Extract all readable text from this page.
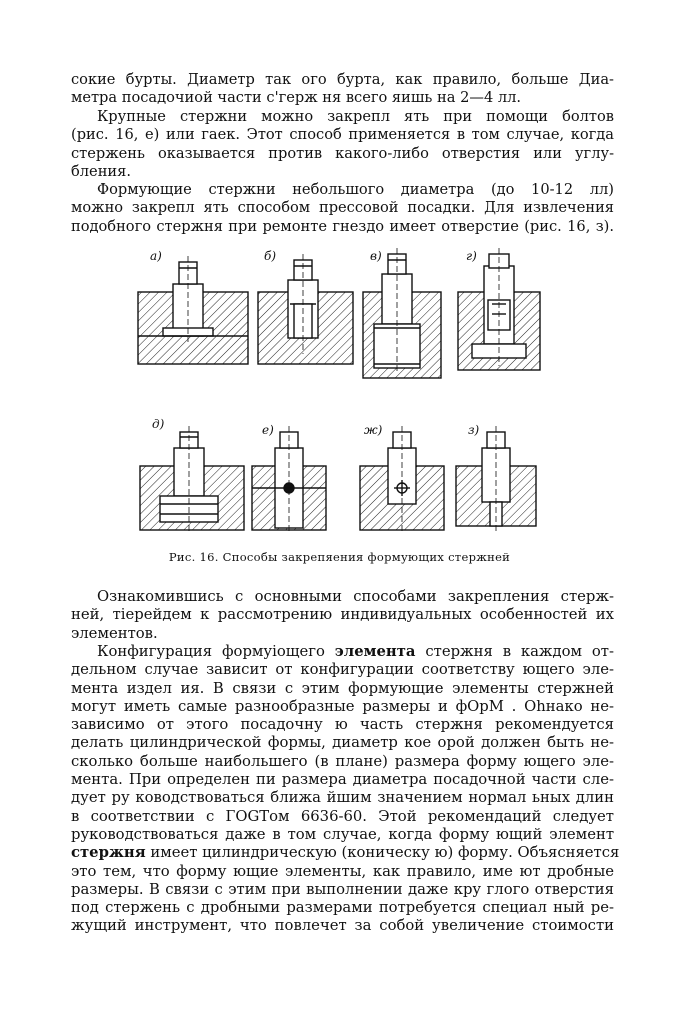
сокие бурты. Диаметр так ого бурта, как правило, больше Диа-
метра посадочиой части с'герж ня всего яишь на 2—4 лл.
Крупные стержни можно закрепл ять при помощи болтов
(рис. 16, е) или гаек. Этот способ применяется в том случае, когда
стержень оказывается против какого-либо отверстия или углу-
бления.
Формующие стержни небольшого диаметра (до 10-12 лл)
можно закрепл ять способом прессовой посадки. Для извлечения
подобного стержня при ремонте гнездо имеет отверстие (рис. 16, з).
а)	б)	в)	г)
д)	е)	ж)	з)
Рис. 16. Способы закрепяения формующих стержней
Ознакомившись с основными способами закрепления стерж-
ней, тiерейдем к рассмотрению индивидуальных особенностей их
элементов.
Конфигурация формуiощего элемента стержня в каждом от-
дельном случае зависит от конфигурации соответству ющего эле-
мента издел ия. В связи с этим формующие элементы стержней
могут иметь самые разнообразные размеры и фOpM . Ohнако не-
зависимо от этого посадочну ю часть стержня рекомендуется
делать цилиндрической формы, диаметр кое орой должен быть не-
сколько больше наибольшего (в плане) размера форму ющего эле-
мента. При определен пи размера диаметра посадочной части сле-
дует ру ководствоваться ближа йшим значением нормал ьных длин
в соответствии с ГОGТом 6636-60. Этой рекомендаций следует
руководствоваться даже в том случае, когда форму ющий элемент
стержня имеет цилиндрическую (коническу ю) форму. Объясняется
это тем, что форму ющие элементы, как правило, име ют дробные
размеры. В связи с этим при выполнении даже кру глого отверстия
под стержень с дробными размерами потребуется специал ный ре-
жущий инструмент, что повлечет за собой увеличение стоимости
